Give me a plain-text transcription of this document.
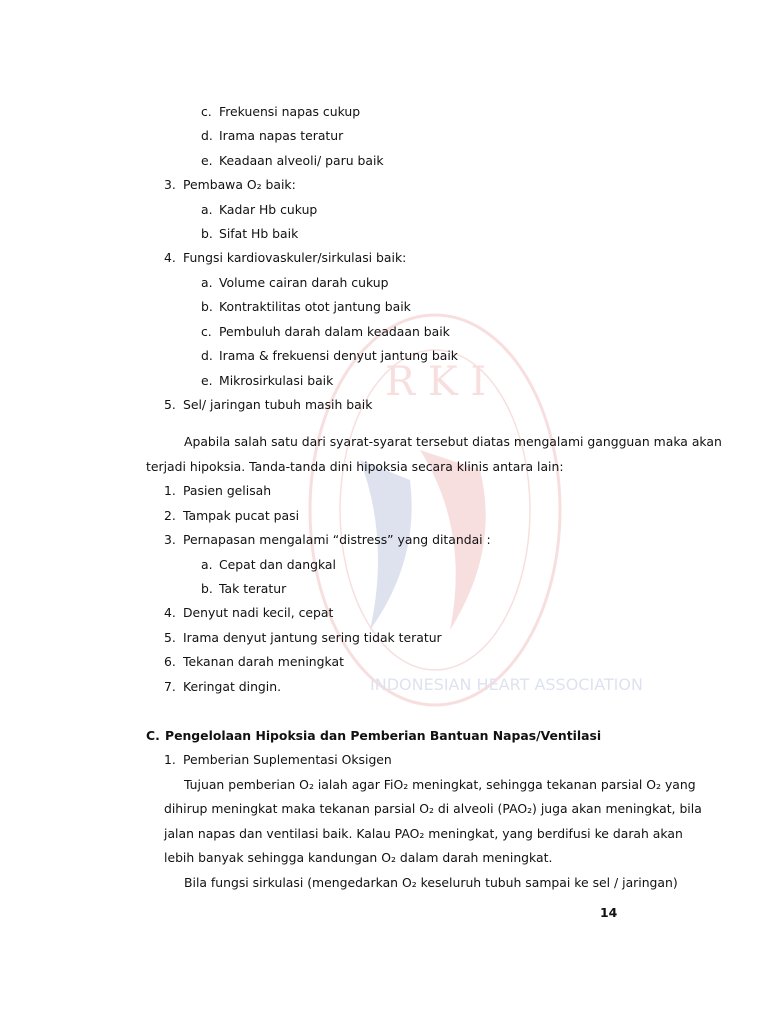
R K I
INDONESIAN HEART ASSOCIATION
c. Frekuensi napas cukup
d. Irama napas teratur
e. Keadaan alveoli/ paru baik
3. Pembawa O₂ baik:
a. Kadar Hb cukup
b. Sifat Hb baik
4. Fungsi kardiovaskuler/sirkulasi baik:
a. Volume cairan darah cukup
b. Kontraktilitas otot jantung baik
c. Pembuluh darah dalam keadaan baik
d. Irama & frekuensi denyut jantung baik
e. Mikrosirkulasi baik
5. Sel/ jaringan tubuh masih baik
Apabila salah satu dari syarat-syarat tersebut diatas mengalami gangguan maka akan
terjadi hipoksia. Tanda-tanda dini hipoksia secara klinis antara lain:
1. Pasien gelisah
2. Tampak pucat pasi
3. Pernapasan mengalami “distress” yang ditandai :
a. Cepat dan dangkal
b. Tak teratur
4. Denyut nadi kecil, cepat
5. Irama denyut jantung sering tidak teratur
6. Tekanan darah meningkat
7. Keringat dingin.
C. Pengelolaan Hipoksia dan Pemberian Bantuan Napas/Ventilasi
1. Pemberian Suplementasi Oksigen
Tujuan pemberian O₂ ialah agar FiO₂ meningkat, sehingga tekanan parsial O₂ yang
dihirup meningkat maka tekanan parsial O₂ di alveoli (PAO₂) juga akan meningkat, bila
jalan napas dan ventilasi baik. Kalau PAO₂ meningkat, yang berdifusi ke darah akan
lebih banyak sehingga kandungan O₂ dalam darah meningkat.
Bila fungsi sirkulasi (mengedarkan O₂ keseluruh tubuh sampai ke sel / jaringan)
14
